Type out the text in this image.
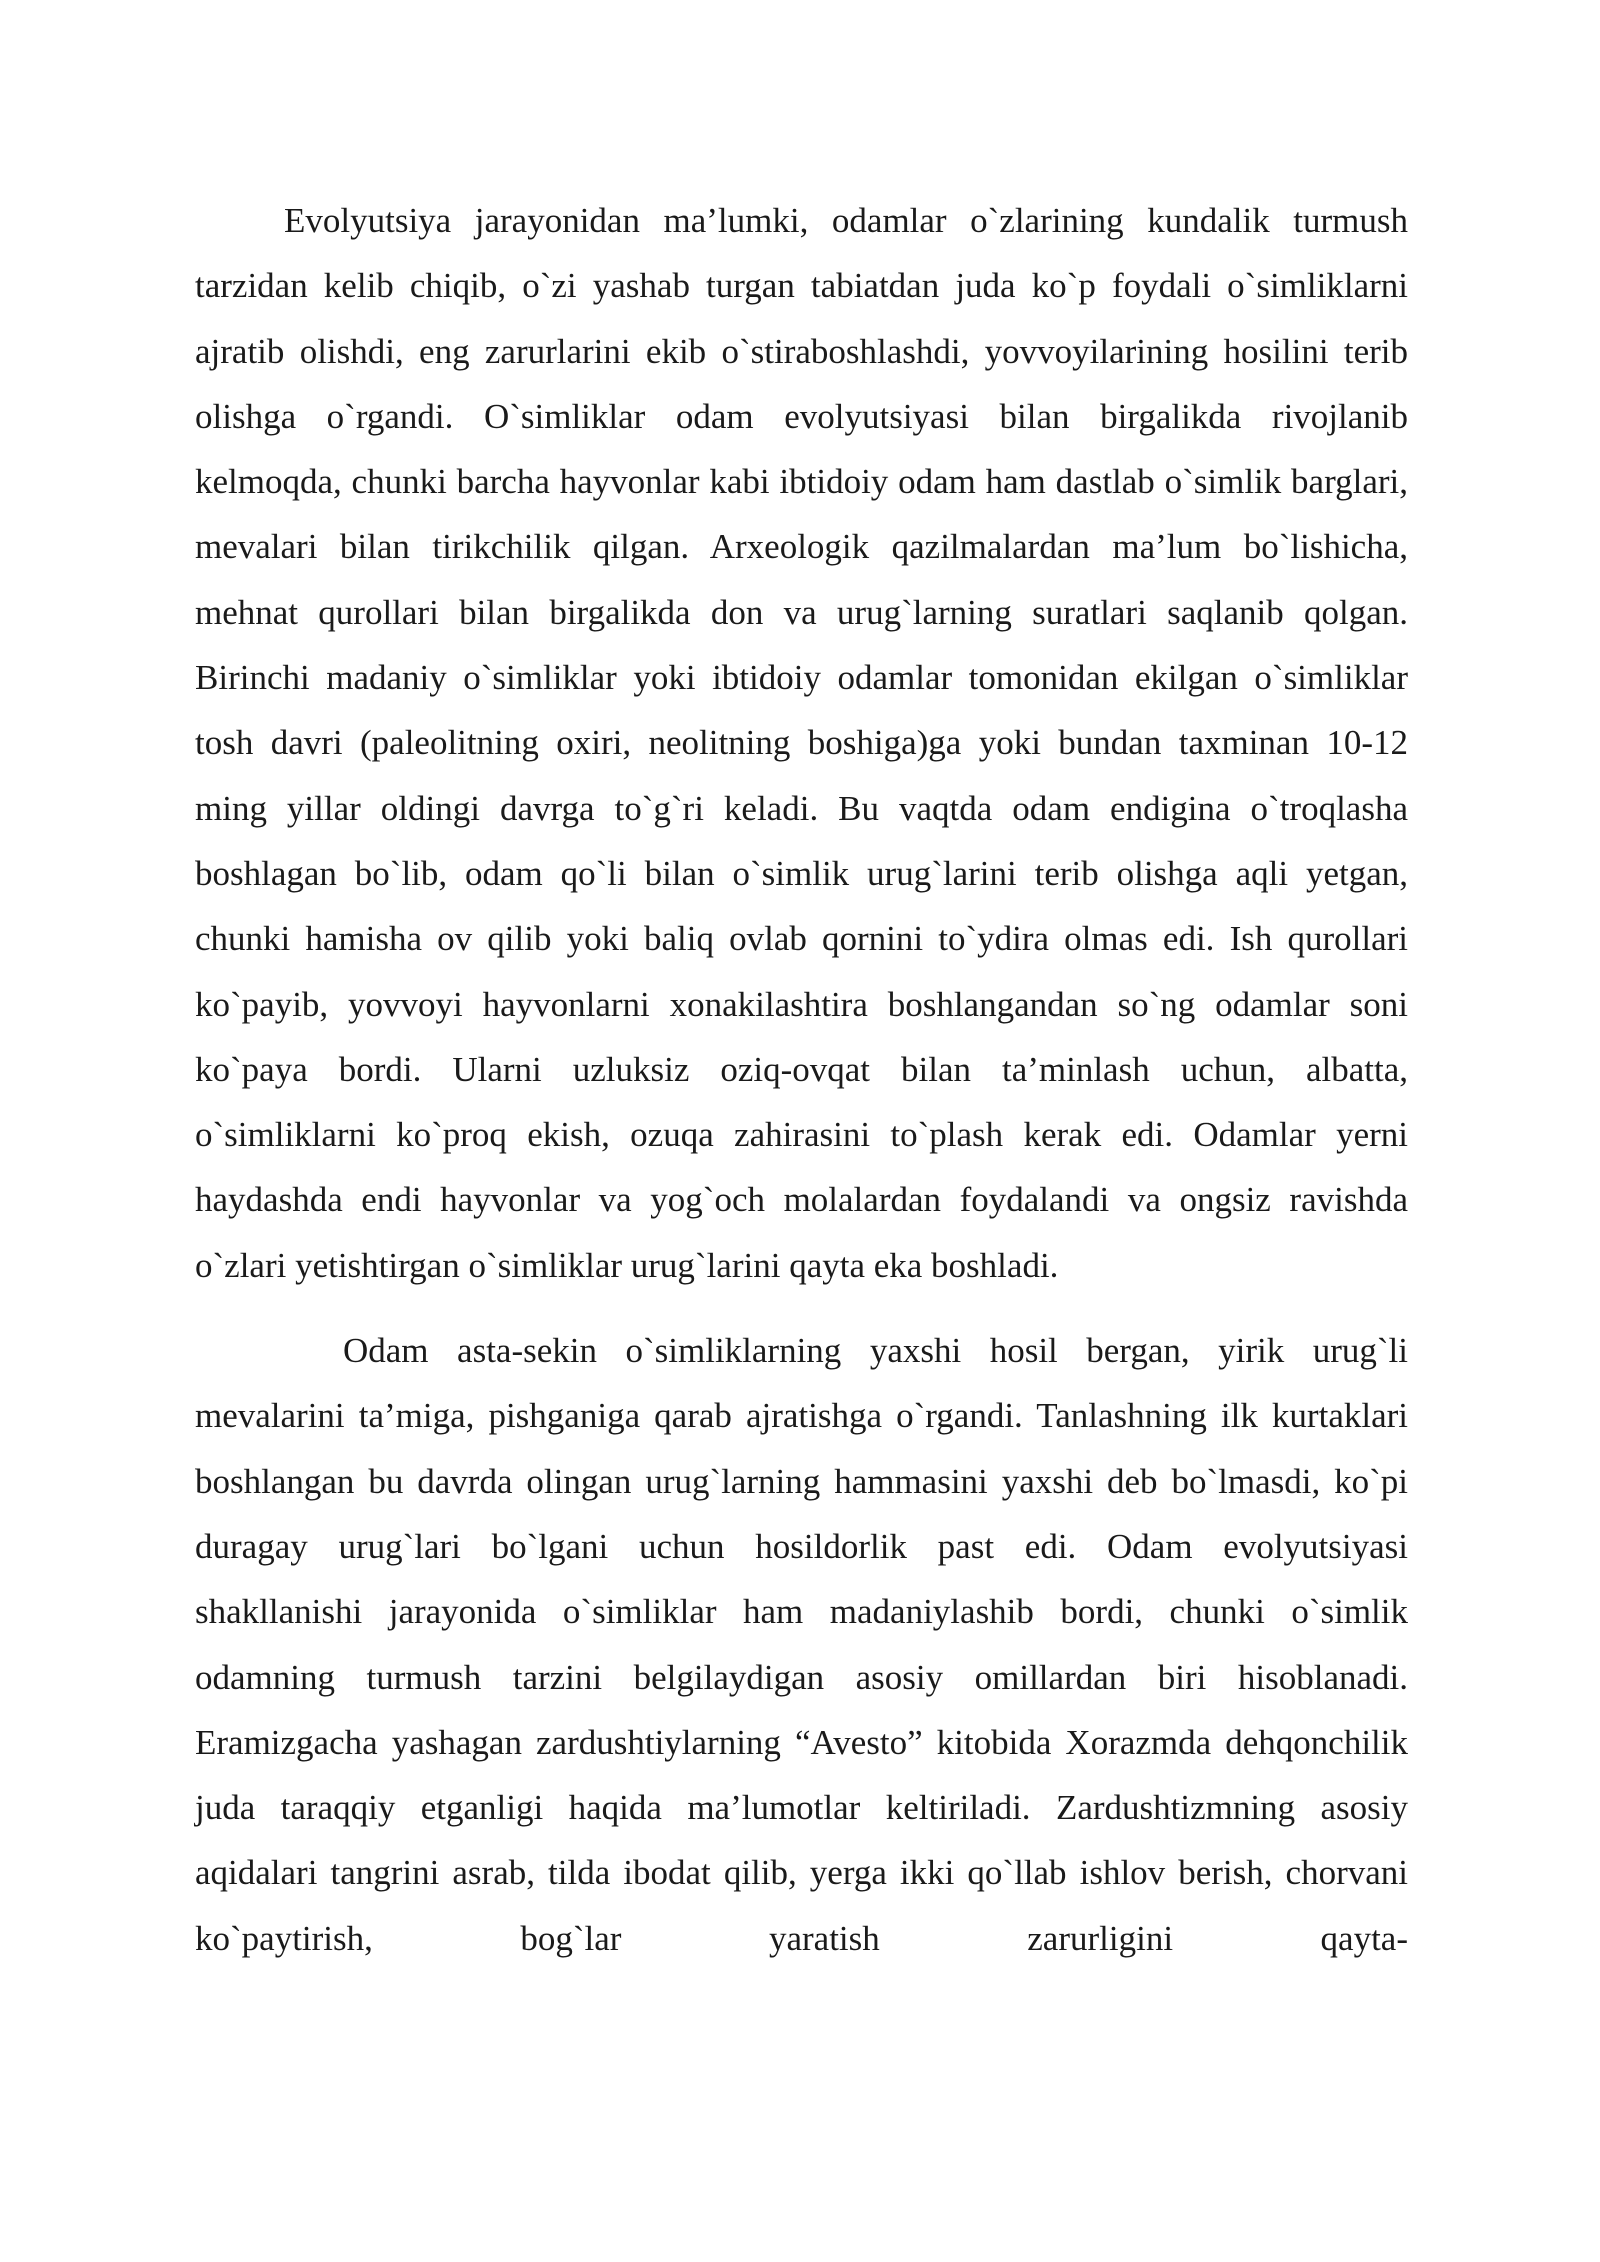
Evolyutsiya jarayonidan ma’lumki, odamlar o`zlarining kundalik turmush tarzidan kelib chiqib, o`zi yashab turgan tabiatdan juda ko`p foydali o`simliklarni ajratib olishdi, eng zarurlarini ekib o`stiraboshlashdi, yovvoyilarining hosilini terib olishga o`rgandi. O`simliklar odam evolyutsiyasi bilan birgalikda rivojlanib kelmoqda, chunki barcha hayvonlar kabi ibtidoiy odam ham dastlab o`simlik barglari, mevalari bilan tirikchilik qilgan. Arxeologik qazilmalardan ma’lum bo`lishicha, mehnat qurollari bilan birgalikda don va urug`larning suratlari saqlanib qolgan. Birinchi madaniy o`simliklar yoki ibtidoiy odamlar tomonidan ekilgan o`simliklar tosh davri (paleolitning oxiri, neolitning boshiga)ga yoki bundan taxminan 10-12 ming yillar oldingi davrga to`g`ri keladi. Bu vaqtda odam endigina o`troqlasha boshlagan bo`lib, odam qo`li bilan o`simlik urug`larini terib olishga aqli yetgan, chunki hamisha ov qilib yoki baliq ovlab qornini to`ydira olmas edi. Ish qurollari ko`payib, yovvoyi hayvonlarni xonakilashtira boshlangandan so`ng odamlar soni ko`paya bordi. Ularni uzluksiz oziq-ovqat bilan ta’minlash uchun, albatta, o`simliklarni ko`proq ekish, ozuqa zahirasini to`plash kerak edi. Odamlar yerni haydashda endi hayvonlar va yog`och molalardan foydalandi va ongsiz ravishda o`zlari yetishtirgan o`simliklar urug`larini qayta eka boshladi.

Odam asta-sekin o`simliklarning yaxshi hosil bergan, yirik urug`li mevalarini ta’miga, pishganiga qarab ajratishga o`rgandi. Tanlashning ilk kurtaklari boshlangan bu davrda olingan urug`larning hammasini yaxshi deb bo`lmasdi, ko`pi duragay urug`lari bo`lgani uchun hosildorlik past edi. Odam evolyutsiyasi shakllanishi jarayonida o`simliklar ham madaniylashib bordi, chunki o`simlik odamning turmush tarzini belgilaydigan asosiy omillardan biri hisoblanadi. Eramizgacha yashagan zardushtiylarning “Avesto” kitobida Xorazmda dehqonchilik juda taraqqiy etganligi haqida ma’lumotlar keltiriladi. Zardushtizmning asosiy aqidalari tangrini asrab, tilda ibodat qilib, yerga ikki qo`llab ishlov berish, chorvani ko`paytirish, bog`lar yaratish zarurligini qayta-
